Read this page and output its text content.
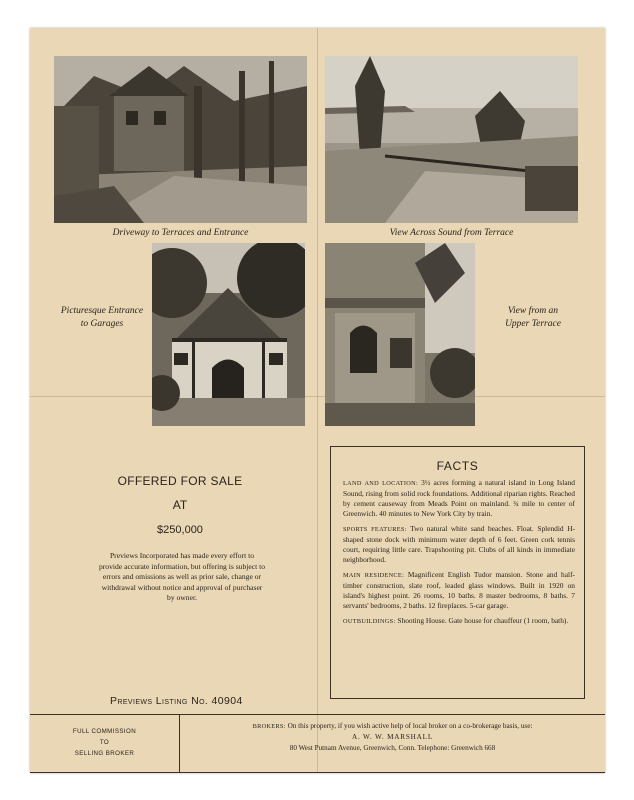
Driveway to Terraces and Entrance	View Across Sound from Terrace
Picturesque Entrance
to Garages
View from an
Upper Terrace
OFFERED FOR SALE
AT
$250,000
Previews Incorporated has made every effort to provide accurate information, but offering is subject to errors and omissions as well as prior sale, change or withdrawal without notice and approval of purchaser by owner.
Previews Listing No. 40904
FACTS

LAND AND LOCATION: 3½ acres forming a natural island in Long Island Sound, rising from solid rock foundations. Additional riparian rights. Reached by cement causeway from Meads Point on mainland. ¾ mile to center of Greenwich. 40 minutes to New York City by train.

SPORTS FEATURES: Two natural white sand beaches. Float. Splendid H-shaped stone dock with minimum water depth of 6 feet. Green cork tennis court, requiring little care. Trapshooting pit. Clubs of all kinds in immediate neighborhood.

MAIN RESIDENCE: Magnificent English Tudor mansion. Stone and half-timber construction, slate roof, leaded glass windows. Built in 1920 on island's highest point. 26 rooms, 10 baths. 8 master bedrooms, 8 baths. 7 servants' bedrooms, 2 baths. 12 fireplaces. 5-car garage.

OUTBUILDINGS: Shooting House. Gate house for chauffeur (1 room, bath).

FULL COMMISSION
TO
SELLING BROKER
BROKERS: On this property, if you wish active help of local broker on a co-brokerage basis, use:
A. W. W. MARSHALL
80 West Putnam Avenue, Greenwich, Conn. Telephone: Greenwich 668
